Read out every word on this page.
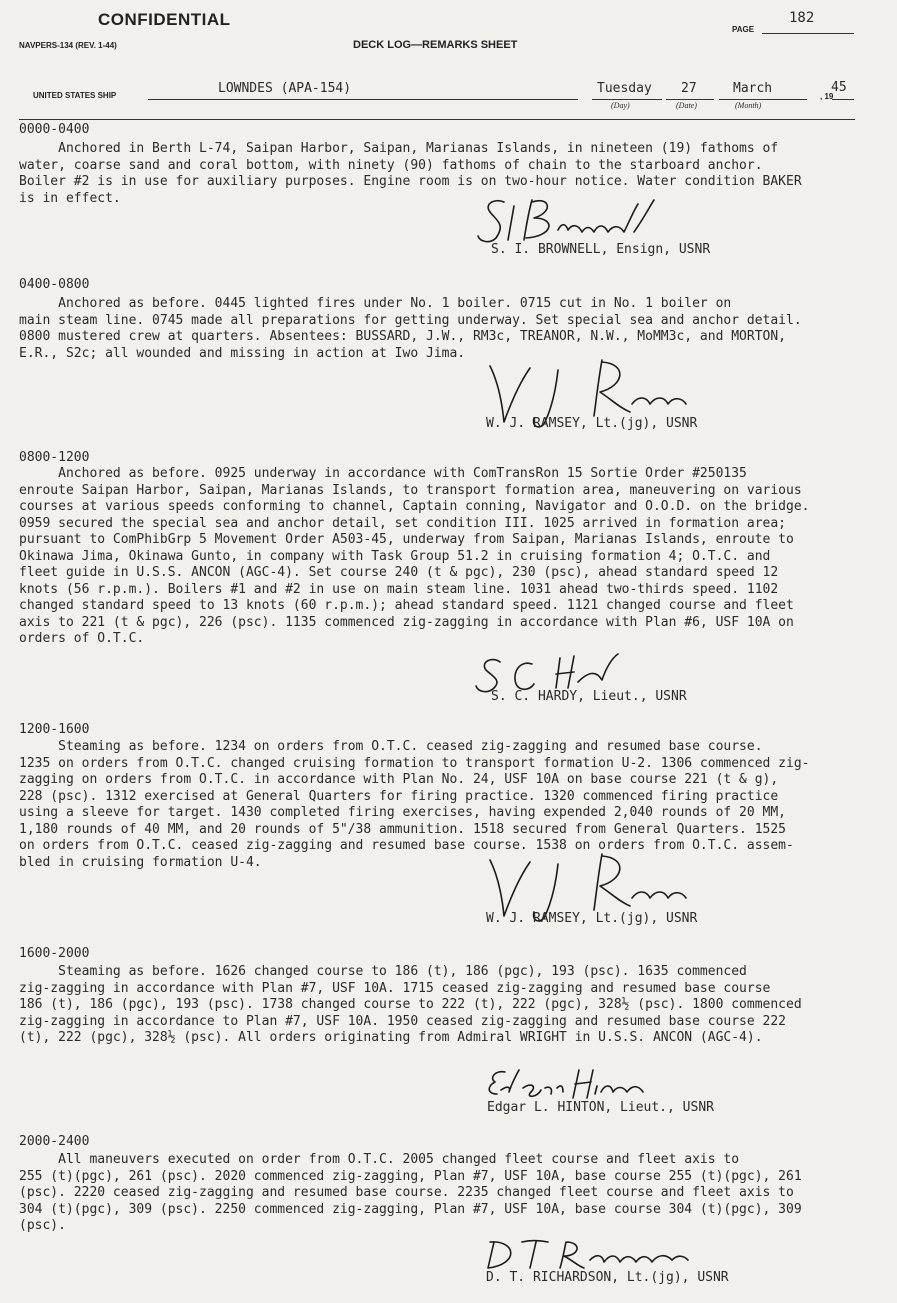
CONFIDENTIAL
PAGE
182
NAVPERS-134 (REV. 1-44)	DECK LOG—REMARKS SHEET
UNITED STATES SHIP	LOWNDES (APA-154)	Tuesday
(Day)
27
(Date)
March
(Month)
, 19
45
0000-0400
Anchored in Berth L-74, Saipan Harbor, Saipan, Marianas Islands, in nineteen (19) fathoms of
water, coarse sand and coral bottom, with ninety (90) fathoms of chain to the starboard anchor.
Boiler #2 is in use for auxiliary purposes. Engine room is on two-hour notice. Water condition BAKER
is in effect.
S. I. BROWNELL, Ensign, USNR
0400-0800
Anchored as before. 0445 lighted fires under No. 1 boiler. 0715 cut in No. 1 boiler on
main steam line. 0745 made all preparations for getting underway. Set special sea and anchor detail.
0800 mustered crew at quarters. Absentees: BUSSARD, J.W., RM3c, TREANOR, N.W., MoMM3c, and MORTON,
E.R., S2c; all wounded and missing in action at Iwo Jima.
W. J. RAMSEY, Lt.(jg), USNR
0800-1200
Anchored as before. 0925 underway in accordance with ComTransRon 15 Sortie Order #250135
enroute Saipan Harbor, Saipan, Marianas Islands, to transport formation area, maneuvering on various
courses at various speeds conforming to channel, Captain conning, Navigator and O.O.D. on the bridge.
0959 secured the special sea and anchor detail, set condition III. 1025 arrived in formation area;
pursuant to ComPhibGrp 5 Movement Order A503-45, underway from Saipan, Marianas Islands, enroute to
Okinawa Jima, Okinawa Gunto, in company with Task Group 51.2 in cruising formation 4; O.T.C. and
fleet guide in U.S.S. ANCON (AGC-4). Set course 240 (t & pgc), 230 (psc), ahead standard speed 12
knots (56 r.p.m.). Boilers #1 and #2 in use on main steam line. 1031 ahead two-thirds speed. 1102
changed standard speed to 13 knots (60 r.p.m.); ahead standard speed. 1121 changed course and fleet
axis to 221 (t & pgc), 226 (psc). 1135 commenced zig-zagging in accordance with Plan #6, USF 10A on
orders of O.T.C.
S. C. HARDY, Lieut., USNR
1200-1600
Steaming as before. 1234 on orders from O.T.C. ceased zig-zagging and resumed base course.
1235 on orders from O.T.C. changed cruising formation to transport formation U-2. 1306 commenced zig-
zagging on orders from O.T.C. in accordance with Plan No. 24, USF 10A on base course 221 (t & g),
228 (psc). 1312 exercised at General Quarters for firing practice. 1320 commenced firing practice
using a sleeve for target. 1430 completed firing exercises, having expended 2,040 rounds of 20 MM,
1,180 rounds of 40 MM, and 20 rounds of 5"/38 ammunition. 1518 secured from General Quarters. 1525
on orders from O.T.C. ceased zig-zagging and resumed base course. 1538 on orders from O.T.C. assem-
bled in cruising formation U-4.
W. J. RAMSEY, Lt.(jg), USNR
1600-2000
Steaming as before. 1626 changed course to 186 (t), 186 (pgc), 193 (psc). 1635 commenced
zig-zagging in accordance with Plan #7, USF 10A. 1715 ceased zig-zagging and resumed base course
186 (t), 186 (pgc), 193 (psc). 1738 changed course to 222 (t), 222 (pgc), 328½ (psc). 1800 commenced
zig-zagging in accordance to Plan #7, USF 10A. 1950 ceased zig-zagging and resumed base course 222
(t), 222 (pgc), 328½ (psc). All orders originating from Admiral WRIGHT in U.S.S. ANCON (AGC-4).
Edgar L. HINTON, Lieut., USNR
2000-2400
All maneuvers executed on order from O.T.C. 2005 changed fleet course and fleet axis to
255 (t)(pgc), 261 (psc). 2020 commenced zig-zagging, Plan #7, USF 10A, base course 255 (t)(pgc), 261
(psc). 2220 ceased zig-zagging and resumed base course. 2235 changed fleet course and fleet axis to
304 (t)(pgc), 309 (psc). 2250 commenced zig-zagging, Plan #7, USF 10A, base course 304 (t)(pgc), 309
(psc).
D. T. RICHARDSON, Lt.(jg), USNR
